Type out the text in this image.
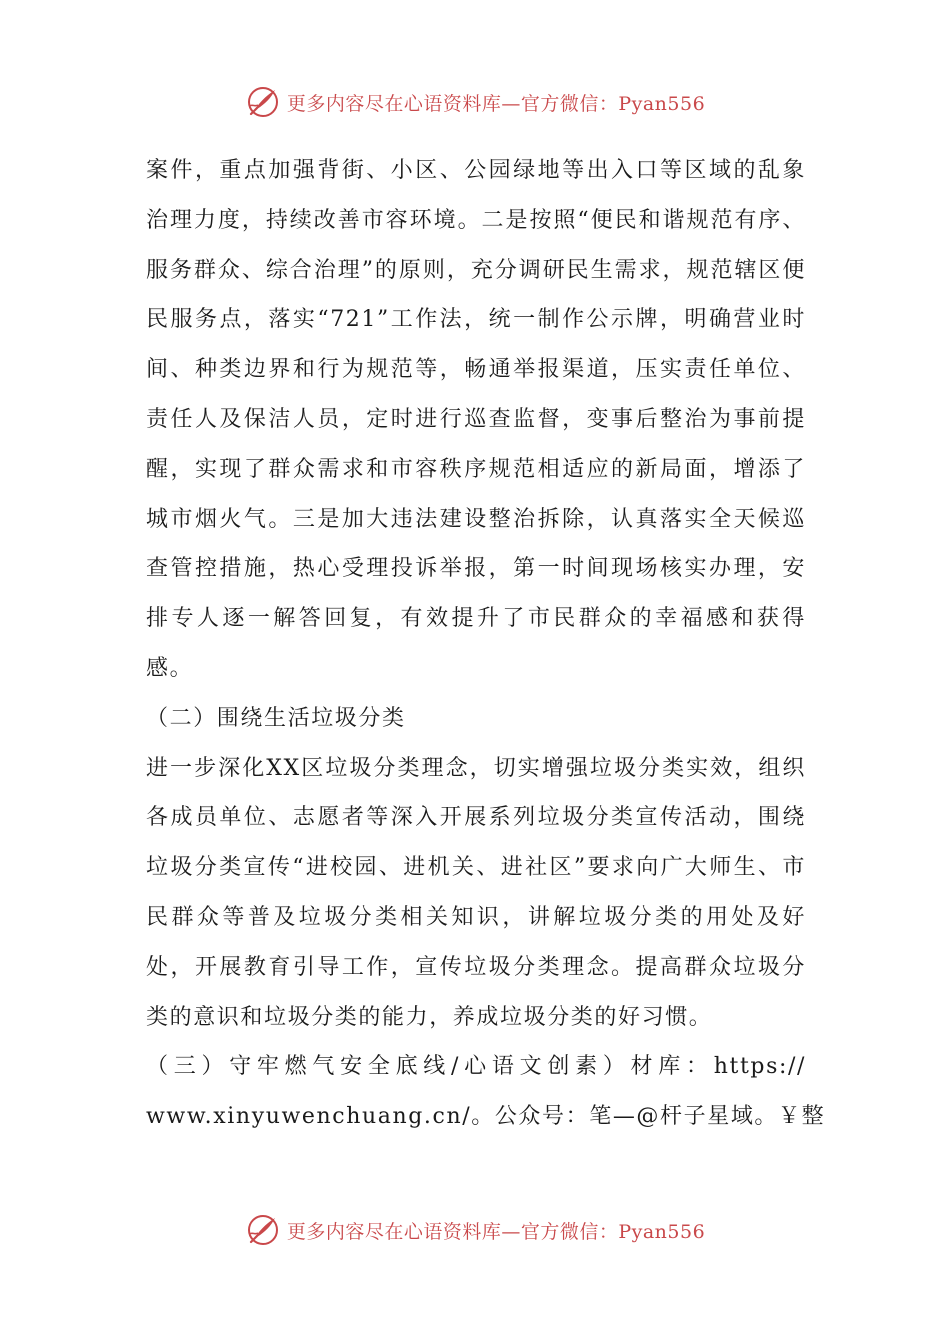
更多内容尽在心语资料库—官方微信：Pyan556

案件，重点加强背街、小区、公园绿地等出入口等区域的乱象治理力度，持续改善市容环境。二是按照“便民和谐规范有序、服务群众、综合治理”的原则，充分调研民生需求，规范辖区便民服务点，落实“721”工作法，统一制作公示牌，明确营业时间、种类边界和行为规范等，畅通举报渠道，压实责任单位、责任人及保洁人员，定时进行巡查监督，变事后整治为事前提醒，实现了群众需求和市容秩序规范相适应的新局面，增添了城市烟火气。三是加大违法建设整治拆除，认真落实全天候巡查管控措施，热心受理投诉举报，第一时间现场核实办理，安排专人逐一解答回复，有效提升了市民群众的幸福感和获得感。

（二）围绕生活垃圾分类

进一步深化XX区垃圾分类理念，切实增强垃圾分类实效，组织各成员单位、志愿者等深入开展系列垃圾分类宣传活动，围绕垃圾分类宣传“进校园、进机关、进社区”要求向广大师生、市民群众等普及垃圾分类相关知识，讲解垃圾分类的用处及好处，开展教育引导工作，宣传垃圾分类理念。提高群众垃圾分类的意识和垃圾分类的能力，养成垃圾分类的好习惯。

（三）守牢燃气安全底线/心语文创素）材库：https://

www.xinyuwenchuang.cn/。公众号：笔—@杆子星域。￥整

更多内容尽在心语资料库—官方微信：Pyan556
